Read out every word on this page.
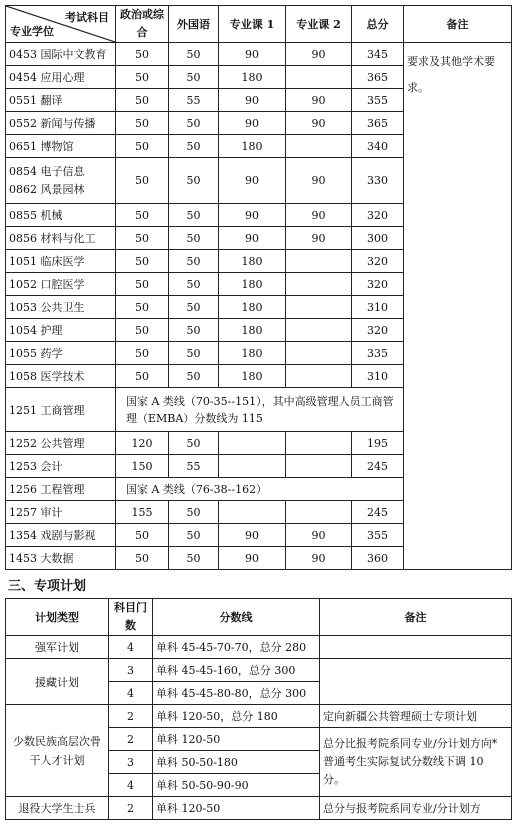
考试科目
专业学位	政治或综合	外国语	专业课 1	专业课 2	总分	备注
0453 国际中文教育	50	50	90	90	345	要求及其他学术要求。
0454 应用心理	50	50	180		365	
0551 翻译	50	55	90	90	355	
0552 新闻与传播	50	50	90	90	365	
0651 博物馆	50	50	180		340	

0854 电子信息
0862 风景园林	50	50	90	90	330	
0855 机械	50	50	90	90	320	
0856 材料与化工	50	50	90	90	300	
1051 临床医学	50	50	180		320	
1052 口腔医学	50	50	180		320	
1053 公共卫生	50	50	180		310	
1054 护理	50	50	180		320	
1055 药学	50	50	180		335	
1058 医学技术	50	50	180		310	
1251 工商管理	国家 A 类线（70-35--151），其中高级管理人员工商管理（EMBA）分数线为 115					
1252 公共管理	120	50			195	
1253 会计	150	55			245	
1256 工程管理	国家 A 类线（76-38--162）					
1257 审计	155	50			245	
1354 戏剧与影视	50	50	90	90	355	
1453 大数据	50	50	90	90	360	
三、专项计划
计划类型	科目门数	分数线	备注
强军计划	4	单科 45-45-70-70，总分 280	
援藏计划	3	单科 45-45-160，总分 300	
	4	单科 45-45-80-80，总分 300	
少数民族高层次骨干人才计划	2	单科 120-50，总分 180	定向新疆公共管理硕士专项计划
	2	单科 120-50	总分比报考院系同专业/分计划方向*普通考生实际复试分数线下调 10 分。
	3	单科 50-50-180	
	4	单科 50-50-90-90	
退役大学生士兵	2	单科 120-50	总分与报考院系同专业/分计划方
